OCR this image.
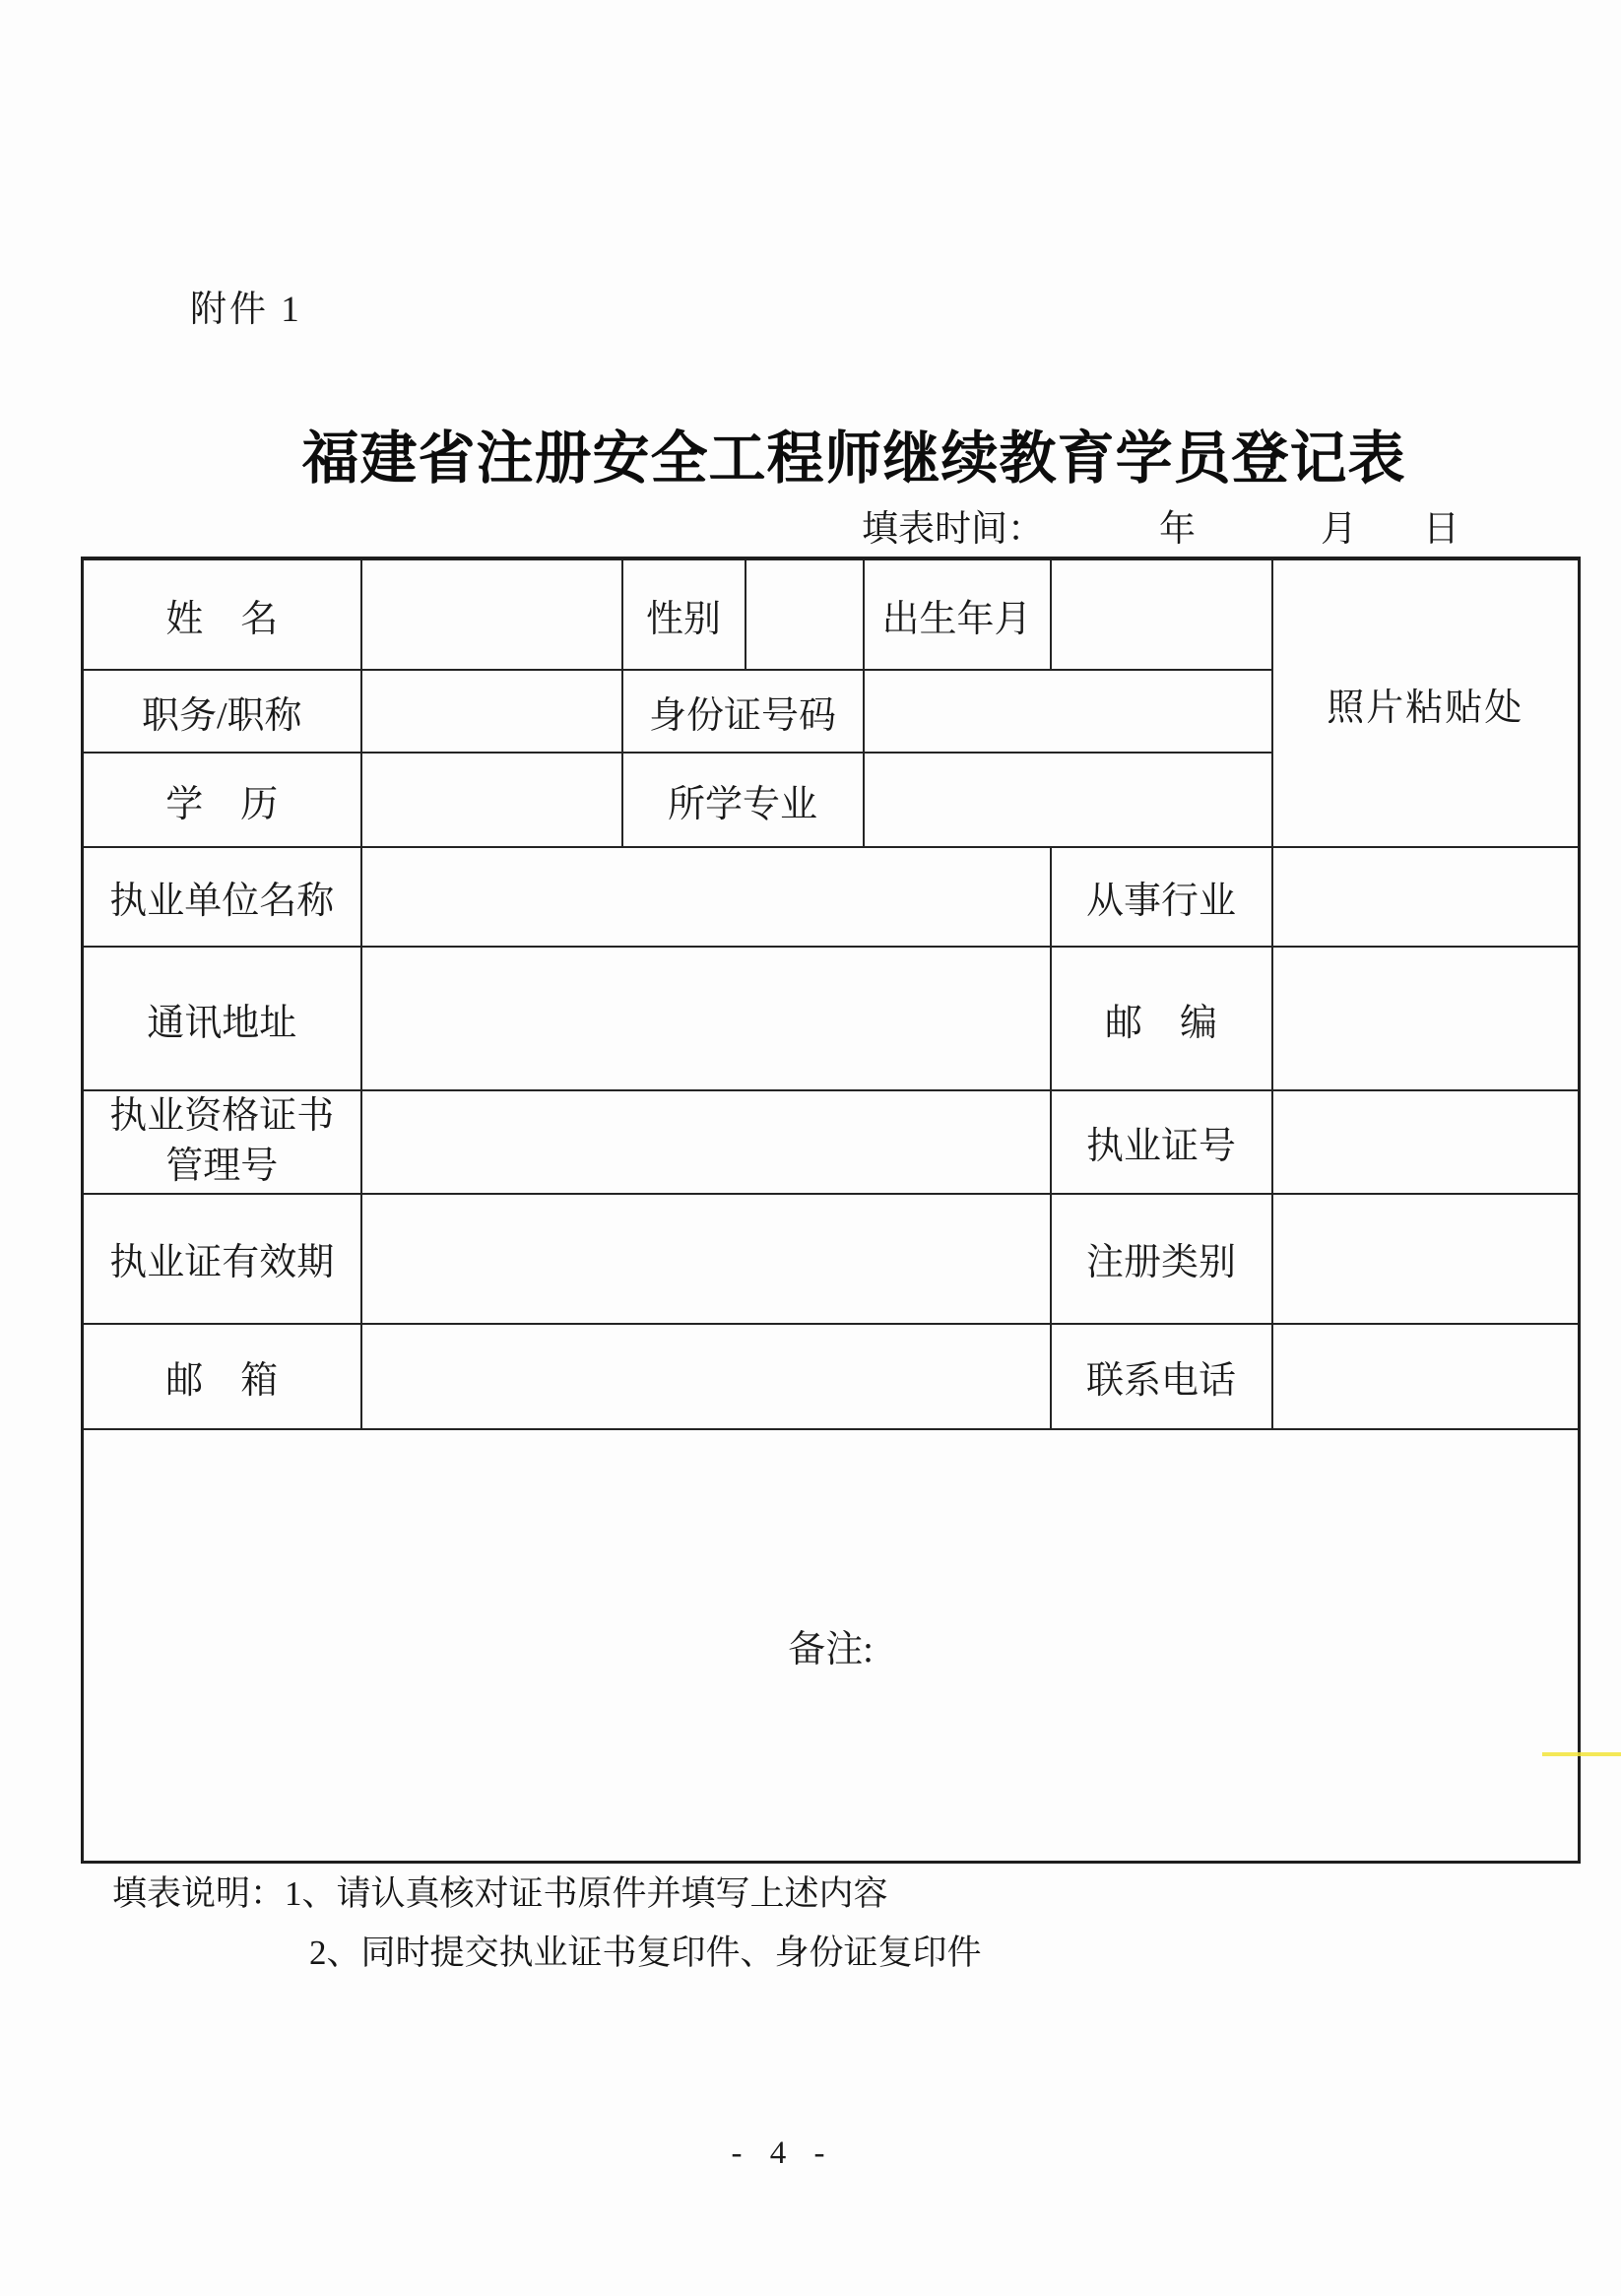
附件 1
福建省注册安全工程师继续教育学员登记表
填表时间：	年	月 日
姓　名		性别		出生年月		照片粘贴处
职务/职称		身份证号码				
学　历		所学专业				
执业单位名称					从事行业	
通讯地址					邮　编	
执业资格证书
管理号					执业证号	
执业证有效期					注册类别	
邮　箱					联系电话	
备注:						
填表说明：1、请认真核对证书原件并填写上述内容
2、同时提交执业证书复印件、身份证复印件
- 4 -
